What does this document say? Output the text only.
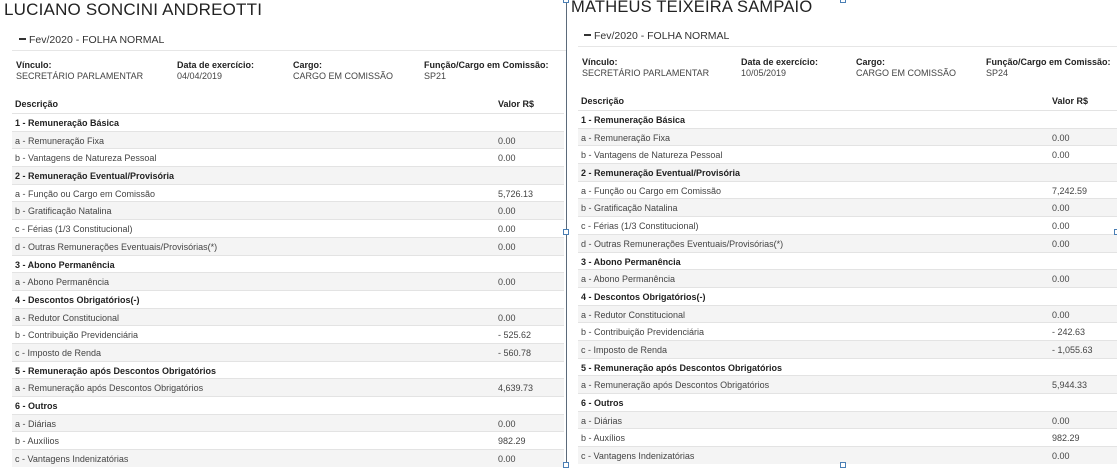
LUCIANO SONCINI ANDREOTTI
Fev/2020 - FOLHA NORMAL
Vínculo:
SECRETÁRIO PARLAMENTAR
Data de exercício:
04/04/2019
Cargo:
CARGO EM COMISSÃO
Função/Cargo em Comissão:
SP21
Descrição	Valor R$
1 - Remuneração Básica
a - Remuneração Fixa	0.00
b - Vantagens de Natureza Pessoal	0.00
2 - Remuneração Eventual/Provisória
a - Função ou Cargo em Comissão	5,726.13
b - Gratificação Natalina	0.00
c - Férias (1/3 Constitucional)	0.00
d - Outras Remunerações Eventuais/Provisórias(*)	0.00
3 - Abono Permanência
a - Abono Permanência	0.00
4 - Descontos Obrigatórios(-)
a - Redutor Constitucional	0.00
b - Contribuição Previdenciária	- 525.62
c - Imposto de Renda	- 560.78
5 - Remuneração após Descontos Obrigatórios
a - Remuneração após Descontos Obrigatórios	4,639.73
6 - Outros
a - Diárias	0.00
b - Auxílios	982.29
c - Vantagens Indenizatórias	0.00
MATHEUS TEIXEIRA SAMPAIO
Fev/2020 - FOLHA NORMAL
Vínculo:
SECRETÁRIO PARLAMENTAR
Data de exercício:
10/05/2019
Cargo:
CARGO EM COMISSÃO
Função/Cargo em Comissão:
SP24
Descrição	Valor R$
1 - Remuneração Básica
a - Remuneração Fixa	0.00
b - Vantagens de Natureza Pessoal	0.00
2 - Remuneração Eventual/Provisória
a - Função ou Cargo em Comissão	7,242.59
b - Gratificação Natalina	0.00
c - Férias (1/3 Constitucional)	0.00
d - Outras Remunerações Eventuais/Provisórias(*)	0.00
3 - Abono Permanência
a - Abono Permanência	0.00
4 - Descontos Obrigatórios(-)
a - Redutor Constitucional	0.00
b - Contribuição Previdenciária	- 242.63
c - Imposto de Renda	- 1,055.63
5 - Remuneração após Descontos Obrigatórios
a - Remuneração após Descontos Obrigatórios	5,944.33
6 - Outros
a - Diárias	0.00
b - Auxílios	982.29
c - Vantagens Indenizatórias	0.00
